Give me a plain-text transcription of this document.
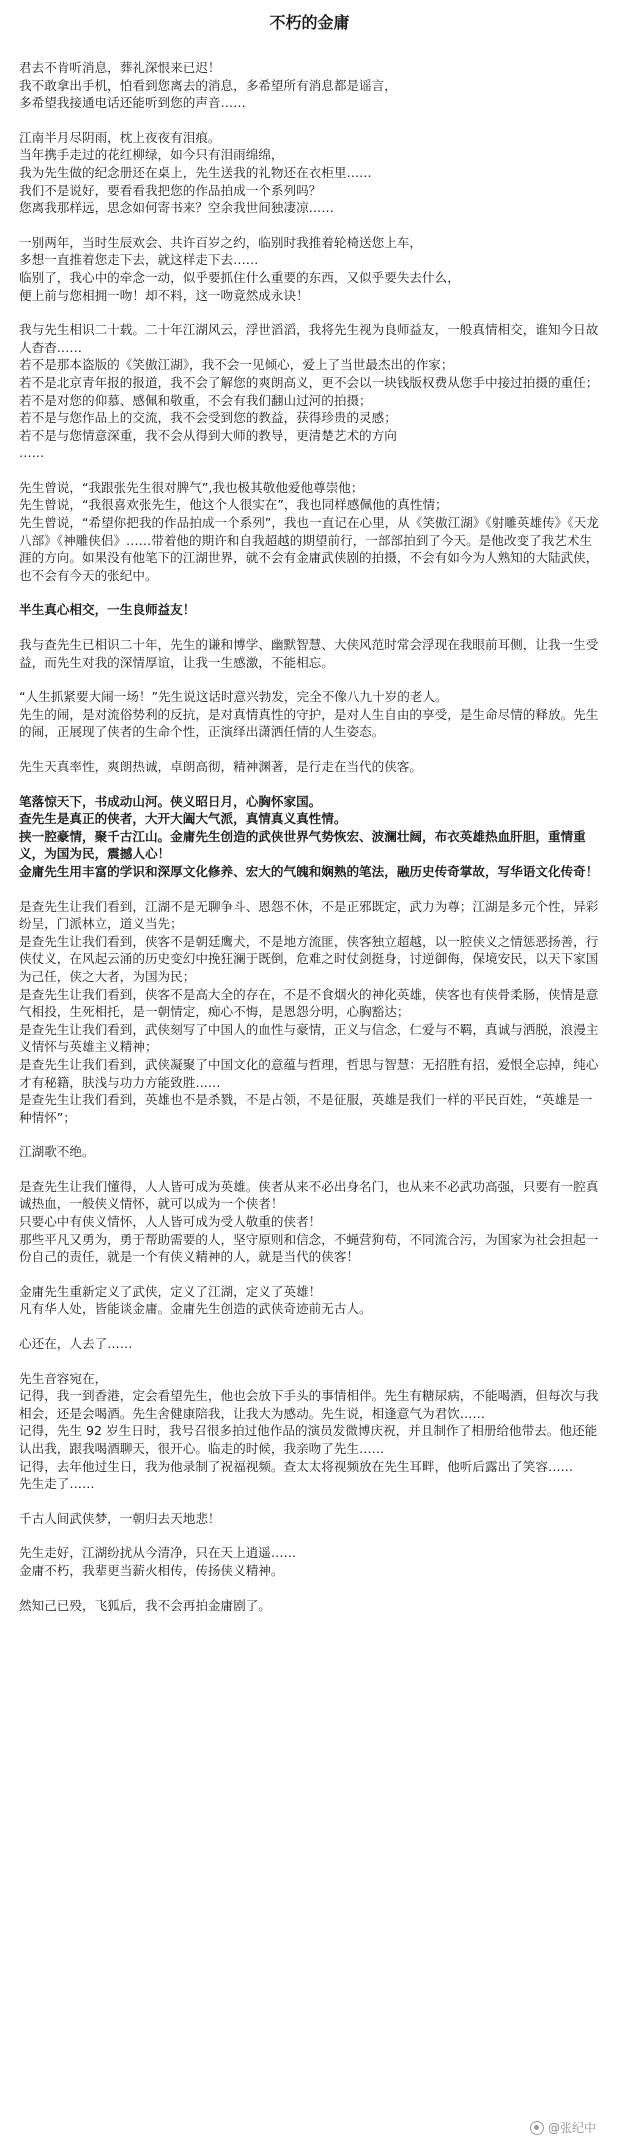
不朽的金庸

君去不肯听消息，葬礼深恨来已迟！
我不敢拿出手机，怕看到您离去的消息，多希望所有消息都是谣言，
多希望我接通电话还能听到您的声音……

江南半月尽阴雨，枕上夜夜有泪痕。
当年携手走过的花红柳绿，如今只有泪雨绵绵，
我为先生做的纪念册还在桌上，先生送我的礼物还在衣柜里……
我们不是说好，要看看我把您的作品拍成一个系列吗？
您离我那样远，思念如何寄书来？空余我世间独凄凉……

一别两年，当时生辰欢会、共许百岁之约，临别时我推着轮椅送您上车，
多想一直推着您走下去，就这样走下去……
临别了，我心中的牵念一动，似乎要抓住什么重要的东西，又似乎要失去什么，
便上前与您相拥一吻！却不料，这一吻竟然成永诀！

我与先生相识二十载。二十年江湖风云，浮世滔滔，我将先生视为良师益友，一般真情相交，谁知今日故人杳杳……
若不是那本盗版的《笑傲江湖》，我不会一见倾心，爱上了当世最杰出的作家；
若不是北京青年报的报道，我不会了解您的爽朗高义，更不会以一块钱版权费从您手中接过拍摄的重任；
若不是对您的仰慕、感佩和敬重，不会有我们翻山过河的拍摄；
若不是与您作品上的交流，我不会受到您的教益，获得珍贵的灵感；
若不是与您情意深重，我不会从得到大师的教导，更清楚艺术的方向
……

先生曾说，“我跟张先生很对脾气”,我也极其敬他爱他尊崇他；
先生曾说，“我很喜欢张先生，他这个人很实在”，我也同样感佩他的真性情；
先生曾说，“希望你把我的作品拍成一个系列”，我也一直记在心里，从《笑傲江湖》《射雕英雄传》《天龙八部》《神雕侠侣》……带着他的期许和自我超越的期望前行，一部部拍到了今天。是他改变了我艺术生涯的方向。如果没有他笔下的江湖世界，就不会有金庸武侠剧的拍摄，不会有如今为人熟知的大陆武侠，也不会有今天的张纪中。

半生真心相交，一生良师益友！

我与查先生已相识二十年，先生的谦和博学、幽默智慧、大侠风范时常会浮现在我眼前耳侧，让我一生受益，而先生对我的深情厚谊，让我一生感激，不能相忘。

“人生抓紧要大闹一场！”先生说这话时意兴勃发，完全不像八九十岁的老人。
先生的闹，是对流俗势利的反抗，是对真情真性的守护，是对人生自由的享受，是生命尽情的释放。先生的闹，正展现了侠者的生命个性，正演绎出潇洒任情的人生姿态。

先生天真率性，爽朗热诚，卓朗高彻，精神渊著，是行走在当代的侠客。

笔落惊天下，书成动山河。侠义昭日月，心胸怀家国。
查先生是真正的侠者，大开大阖大气派，真情真义真性情。
挟一腔豪情，聚千古江山。金庸先生创造的武侠世界气势恢宏、波澜壮阔，布衣英雄热血肝胆，重情重义，为国为民，震撼人心！
金庸先生用丰富的学识和深厚文化修养、宏大的气魄和娴熟的笔法，融历史传奇掌故，写华语文化传奇！

是查先生让我们看到，江湖不是无聊争斗、恩怨不休，不是正邪既定，武力为尊；江湖是多元个性，异彩纷呈，门派林立，道义当先；
是查先生让我们看到，侠客不是朝廷鹰犬，不是地方流匪，侠客独立超越，以一腔侠义之情惩恶扬善，行侠仗义，在风起云涌的历史变幻中挽狂澜于既倒，危难之时仗剑挺身，讨逆御侮，保境安民，以天下家国为己任，侠之大者，为国为民；
是查先生让我们看到，侠客不是高大全的存在，不是不食烟火的神化英雄，侠客也有侠骨柔肠，侠情是意气相投，生死相托，是一朝情定，痴心不悔，是恩怨分明，心胸豁达；
是查先生让我们看到，武侠刻写了中国人的血性与豪情，正义与信念，仁爱与不羁，真诚与洒脱，浪漫主义情怀与英雄主义精神；
是查先生让我们看到，武侠凝聚了中国文化的意蕴与哲理，哲思与智慧：无招胜有招，爱恨全忘掉，纯心才有秘籍，肤浅与功力方能致胜……
是查先生让我们看到，英雄也不是杀戮，不是占领，不是征服，英雄是我们一样的平民百姓，“英雄是一种情怀”；

江湖歌不绝。

是查先生让我们懂得，人人皆可成为英雄。侠者从来不必出身名门，也从来不必武功高强，只要有一腔真诚热血，一般侠义情怀，就可以成为一个侠者！
只要心中有侠义情怀，人人皆可成为受人敬重的侠者！
那些平凡又勇为，勇于帮助需要的人，坚守原则和信念，不蝇营狗苟，不同流合污，为国家为社会担起一份自己的责任，就是一个有侠义精神的人，就是当代的侠客！

金庸先生重新定义了武侠，定义了江湖，定义了英雄！
凡有华人处，皆能谈金庸。金庸先生创造的武侠奇迹前无古人。

心还在，人去了……

先生音容宛在，
记得，我一到香港，定会看望先生，他也会放下手头的事情相伴。先生有糖尿病，不能喝酒，但每次与我相会，还是会喝酒。先生舍健康陪我，让我大为感动。先生说，相逢意气为君饮……
记得，先生 92 岁生日时，我号召很多拍过他作品的演员发微博庆祝，并且制作了相册给他带去。他还能认出我，跟我喝酒聊天，很开心。临走的时候，我亲吻了先生……
记得，去年他过生日，我为他录制了祝福视频。查太太将视频放在先生耳畔，他听后露出了笑容……
先生走了……

千古人间武侠梦，一朝归去天地悲！

先生走好，江湖纷扰从今清净，只在天上逍遥……
金庸不朽，我辈更当薪火相传，传扬侠义精神。

然知己已殁，飞狐后，我不会再拍金庸剧了。

@张纪中
